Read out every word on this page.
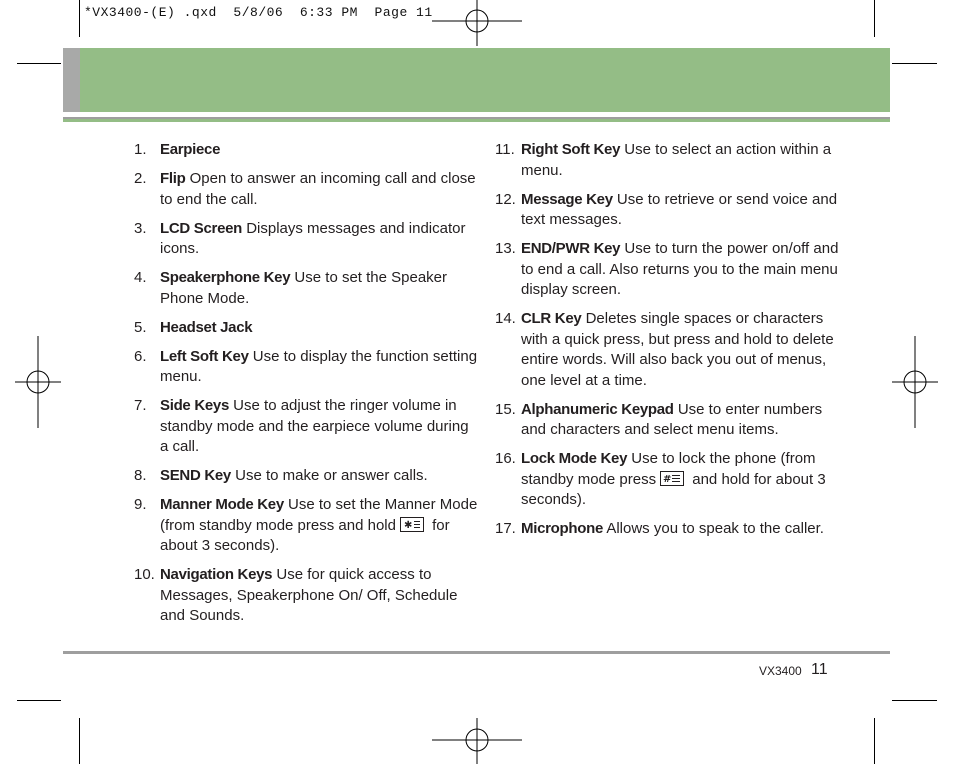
*VX3400-(E) .qxd  5/8/06  6:33 PM  Page 11
1. Earpiece
2. Flip Open to answer an incoming call and close to end the call.
3. LCD Screen Displays messages and indicator icons.
4. Speakerphone Key Use to set the Speaker Phone Mode.
5. Headset Jack
6. Left Soft Key Use to display the function setting menu.
7. Side Keys Use to adjust the ringer volume in standby mode and the earpiece volume during a call.
8. SEND Key Use to make or answer calls.
9. Manner Mode Key Use to set the Manner Mode (from standby mode press and hold ✱ for about 3 seconds).
10. Navigation Keys Use for quick access to Messages, Speakerphone On/ Off, Schedule and Sounds.
11. Right Soft Key Use to select an action within a menu.
12. Message Key Use to retrieve or send voice and text messages.
13. END/PWR Key Use to turn the power on/off and to end a call. Also returns you to the main menu display screen.
14. CLR Key Deletes single spaces or characters with a quick press, but press and hold to delete entire words. Will also back you out of menus, one level at a time.
15. Alphanumeric Keypad Use to enter numbers and characters and select menu items.
16. Lock Mode Key Use to lock the phone (from standby mode press # and hold for about 3 seconds).
17. Microphone Allows you to speak to the caller.
VX3400 11
